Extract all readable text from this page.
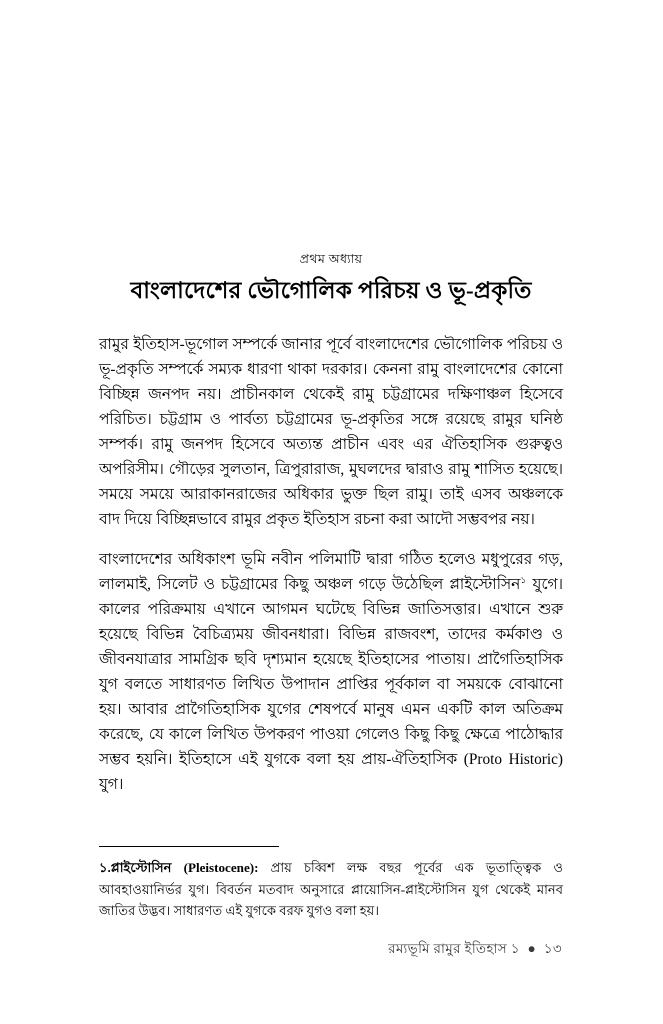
প্রথম অধ্যায়
বাংলাদেশের ভৌগোলিক পরিচয় ও ভূ-প্রকৃতি

রামুর ইতিহাস-ভূগোল সম্পর্কে জানার পূর্বে বাংলাদেশের ভৌগোলিক পরিচয় ও ভূ-প্রকৃতি সম্পর্কে সম্যক ধারণা থাকা দরকার। কেননা রামু বাংলাদেশের কোনো বিচ্ছিন্ন জনপদ নয়। প্রাচীনকাল থেকেই রামু চট্টগ্রামের দক্ষিণাঞ্চল হিসেবে পরিচিত। চট্টগ্রাম ও পার্বত্য চট্টগ্রামের ভূ-প্রকৃতির সঙ্গে রয়েছে রামুর ঘনিষ্ঠ সম্পর্ক। রামু জনপদ হিসেবে অত্যন্ত প্রাচীন এবং এর ঐতিহাসিক গুরুত্বও অপরিসীম। গৌড়ের সুলতান, ত্রিপুরারাজ, মুঘলদের দ্বারাও রামু শাসিত হয়েছে। সময়ে সময়ে আরাকানরাজের অধিকার ভুক্ত ছিল রামু। তাই এসব অঞ্চলকে বাদ দিয়ে বিচ্ছিন্নভাবে রামুর প্রকৃত ইতিহাস রচনা করা আদৌ সম্ভবপর নয়।

বাংলাদেশের অধিকাংশ ভূমি নবীন পলিমাটি দ্বারা গঠিত হলেও মধুপুরের গড়, লালমাই, সিলেট ও চট্টগ্রামের কিছু অঞ্চল গড়ে উঠেছিল প্লাইস্টোসিন$^১$ যুগে। কালের পরিক্রমায় এখানে আগমন ঘটেছে বিভিন্ন জাতিসত্তার। এখানে শুরু হয়েছে বিভিন্ন বৈচিত্র্যময় জীবনধারা। বিভিন্ন রাজবংশ, তাদের কর্মকাণ্ড ও জীবনযাত্রার সামগ্রিক ছবি দৃশ্যমান হয়েছে ইতিহাসের পাতায়। প্রাগৈতিহাসিক যুগ বলতে সাধারণত লিখিত উপাদান প্রাপ্তির পূর্বকাল বা সময়কে বোঝানো হয়। আবার প্রাগৈতিহাসিক যুগের শেষপর্বে মানুষ এমন একটি কাল অতিক্রম করেছে, যে কালে লিখিত উপকরণ পাওয়া গেলেও কিছু কিছু ক্ষেত্রে পাঠোদ্ধার সম্ভব হয়নি। ইতিহাসে এই যুগকে বলা হয় প্রায়-ঐতিহাসিক (Proto Historic) যুগ।

১.প্লাইস্টোসিন (Pleistocene): প্রায় চব্বিশ লক্ষ বছর পূর্বের এক ভূতাত্ত্বিক ও আবহাওয়ানির্ভর যুগ। বিবর্তন মতবাদ অনুসারে প্লায়োসিন-প্লাইস্টোসিন যুগ থেকেই মানব জাতির উদ্ভব। সাধারণত এই যুগকে বরফ যুগও বলা হয়।

রম্যভূমি রামুর ইতিহাস ১ ● ১৩
